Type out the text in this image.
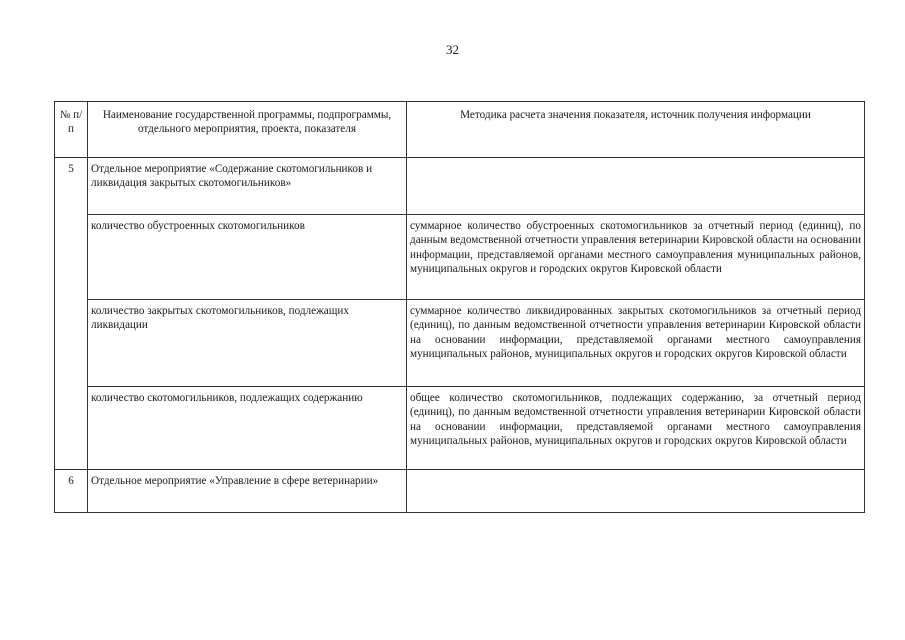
32
№ п/п	Наименование государственной программы, подпрограммы, отдельного мероприятия, проекта, показателя	Методика расчета значения показателя, источник получения информации
5	Отдельное мероприятие «Содержание скотомогильников и ликвидация закрытых скотомогильников»	
	количество обустроенных скотомогильников	суммарное количество обустроенных скотомогильников за отчетный период (единиц), по данным ведомственной отчетности управления ветеринарии Кировской области на основании информации, представляемой органами местного самоуправления муниципальных районов, муниципальных округов и городских округов Кировской области
	количество закрытых скотомогильников, подлежащих ликвидации	суммарное количество ликвидированных закрытых скотомогильников за отчетный период (единиц), по данным ведомственной отчетности управления ветеринарии Кировской области на основании информации, представляемой органами местного самоуправления муниципальных районов, муниципальных округов и городских округов Кировской области
	количество скотомогильников, подлежащих содержанию	общее количество скотомогильников, подлежащих содержанию, за отчетный период (единиц), по данным ведомственной отчетности управления ветеринарии Кировской области на основании информации, представляемой органами местного самоуправления муниципальных районов, муниципальных округов и городских округов Кировской области
6	Отдельное мероприятие «Управление в сфере ветеринарии»	
